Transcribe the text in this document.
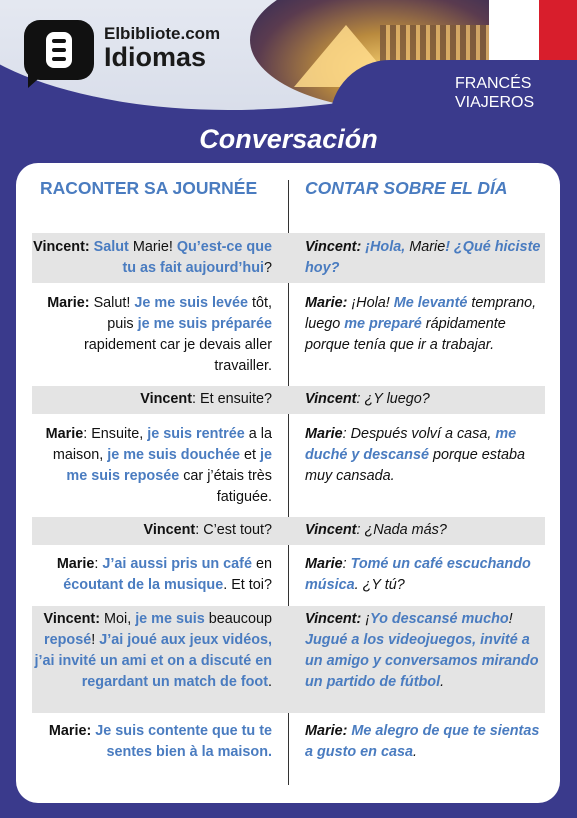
FRANCÉS
VIAJEROS
Elbibliote.com
Idiomas
Conversación
RACONTER SA JOURNÉE	CONTAR SOBRE EL DÍA
Vincent: Salut Marie! Qu’est-ce que tu as fait aujourd’hui?
Vincent: ¡Hola, Marie! ¿Qué hiciste hoy?
Marie: Salut! Je me suis levée tôt, puis je me suis préparée rapidement car je devais aller travailler.
Marie: ¡Hola! Me levanté temprano, luego me preparé rápidamente porque tenía que ir a trabajar.
Vincent: Et ensuite? Vincent: ¿Y luego?
Marie: Ensuite, je suis rentrée a la maison, je me suis douchée et je me suis reposée car j’étais très fatiguée.
Marie: Después volví a casa, me duché y descansé porque estaba muy cansada.
Vincent: C’est tout? Vincent: ¿Nada más?
Marie: J’ai aussi pris un café en écoutant de la musique. Et toi?
Marie: Tomé un café escuchando música. ¿Y tú?
Vincent: Moi, je me suis beaucoup reposé! J’ai joué aux jeux vidéos, j’ai invité un ami et on a discuté en regardant un match de foot.
Vincent: ¡Yo descansé mucho! Jugué a los videojuegos, invité a un amigo y conversamos mirando un partido de fútbol.
Marie: Je suis contente que tu te sentes bien à la maison.
Marie: Me alegro de que te sientas a gusto en casa.
